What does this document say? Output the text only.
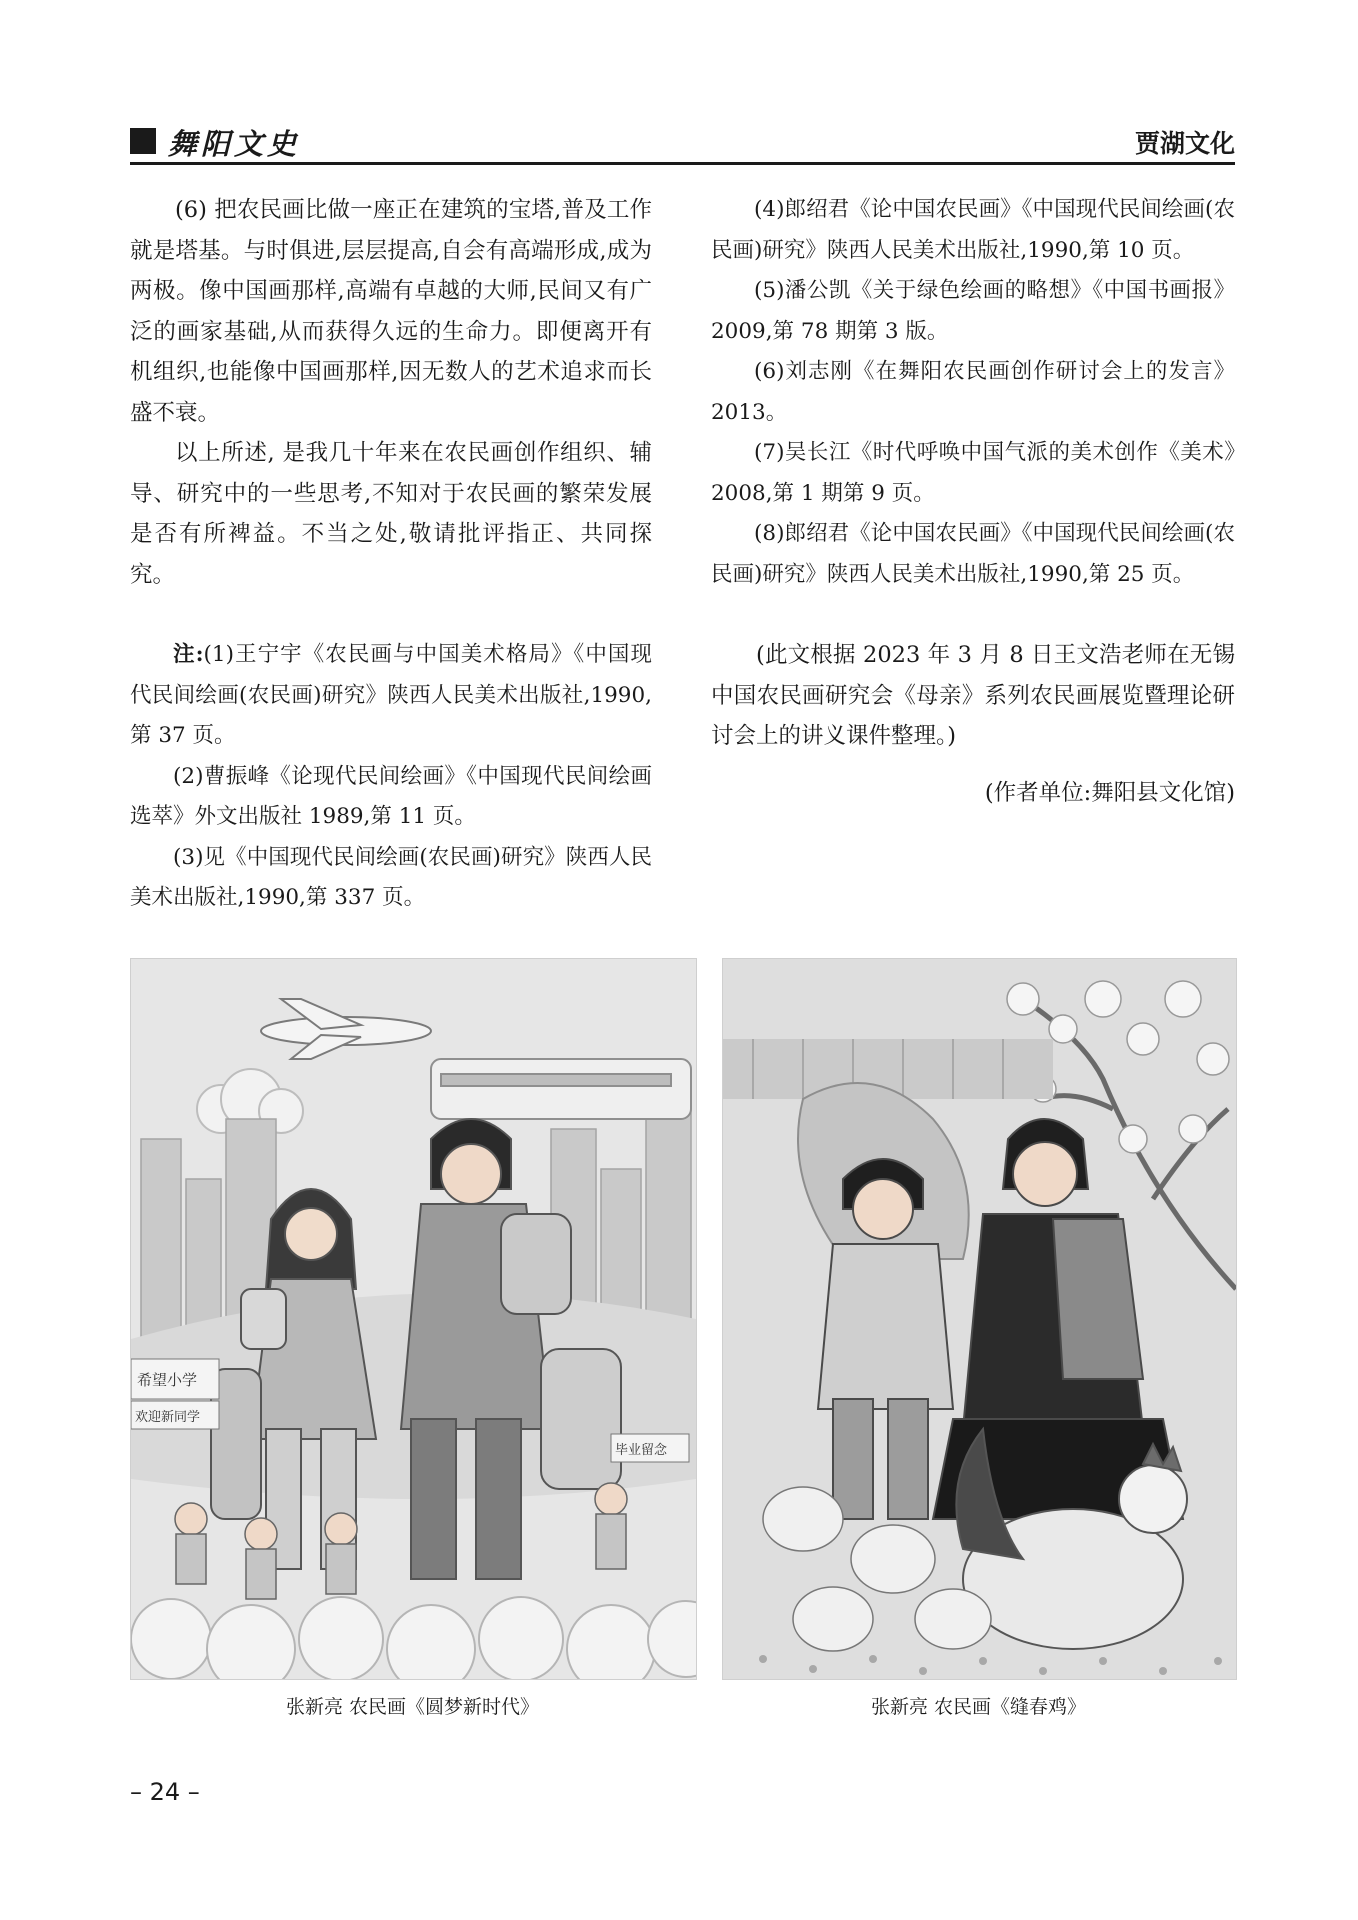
舞阳文史	贾湖文化

(6) 把农民画比做一座正在建筑的宝塔,普及工作就是塔基。与时俱进,层层提高,自会有高端形成,成为两极。像中国画那样,高端有卓越的大师,民间又有广泛的画家基础,从而获得久远的生命力。即便离开有机组织,也能像中国画那样,因无数人的艺术追求而长盛不衰。

以上所述, 是我几十年来在农民画创作组织、辅导、研究中的一些思考,不知对于农民画的繁荣发展是否有所裨益。不当之处,敬请批评指正、共同探究。

注:(1)王宁宇《农民画与中国美术格局》《中国现代民间绘画(农民画)研究》陕西人民美术出版社,1990,第 37 页。

(2)曹振峰《论现代民间绘画》《中国现代民间绘画选萃》外文出版社 1989,第 11 页。

(3)见《中国现代民间绘画(农民画)研究》陕西人民美术出版社,1990,第 337 页。

(4)郎绍君《论中国农民画》《中国现代民间绘画(农民画)研究》陕西人民美术出版社,1990,第 10 页。

(5)潘公凯《关于绿色绘画的略想》《中国书画报》2009,第 78 期第 3 版。

(6)刘志刚《在舞阳农民画创作研讨会上的发言》2013。

(7)吴长江《时代呼唤中国气派的美术创作《美术》2008,第 1 期第 9 页。

(8)郎绍君《论中国农民画》《中国现代民间绘画(农民画)研究》陕西人民美术出版社,1990,第 25 页。

(此文根据 2023 年 3 月 8 日王文浩老师在无锡中国农民画研究会《母亲》系列农民画展览暨理论研讨会上的讲义课件整理。)

(作者单位:舞阳县文化馆)

希望小学
欢迎新同学
毕业留念
张新亮 农民画《圆梦新时代》	张新亮 农民画《缝春鸡》
– 24 –
